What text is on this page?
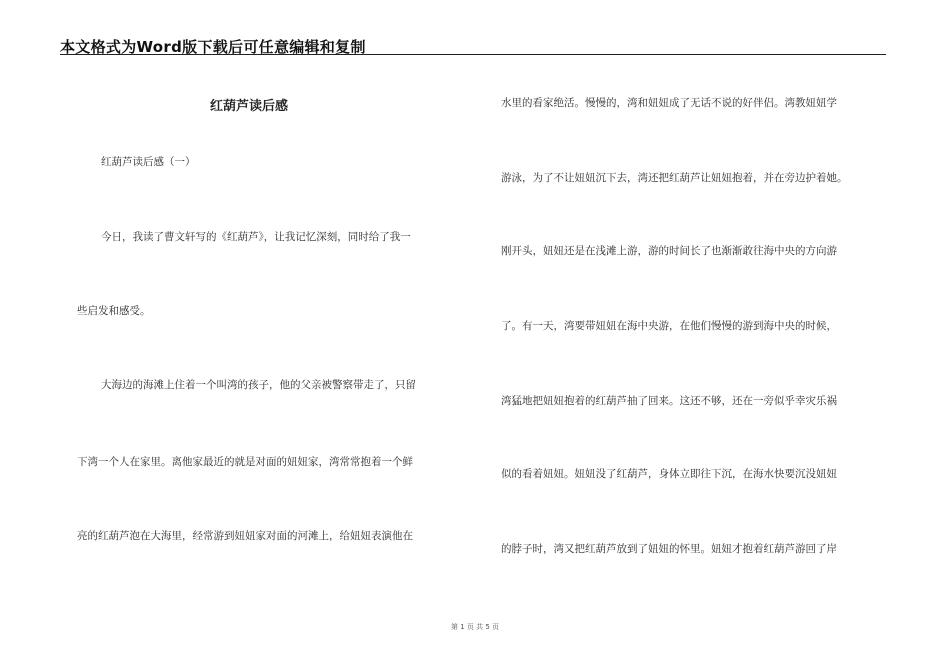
本文格式为Word版下载后可任意编辑和复制
红葫芦读后感
红葫芦读后感（一）
今日，我读了曹文轩写的《红葫芦》，让我记忆深刻，同时给了我一
些启发和感受。
大海边的海滩上住着一个叫湾的孩子，他的父亲被警察带走了，只留
下湾一个人在家里。离他家最近的就是对面的妞妞家，湾常常抱着一个鲜
亮的红葫芦泡在大海里，经常游到妞妞家对面的河滩上，给妞妞表演他在
水里的看家绝活。慢慢的，湾和妞妞成了无话不说的好伴侣。湾教妞妞学
游泳，为了不让妞妞沉下去，湾还把红葫芦让妞妞抱着，并在旁边护着她。
刚开头，妞妞还是在浅滩上游，游的时间长了也渐渐敢往海中央的方向游
了。有一天，湾要带妞妞在海中央游，在他们慢慢的游到海中央的时候，
湾猛地把妞妞抱着的红葫芦抽了回来。这还不够，还在一旁似乎幸灾乐祸
似的看着妞妞。妞妞没了红葫芦，身体立即往下沉，在海水快要沉没妞妞
的脖子时，湾又把红葫芦放到了妞妞的怀里。妞妞才抱着红葫芦游回了岸
第 1 页 共 5 页
